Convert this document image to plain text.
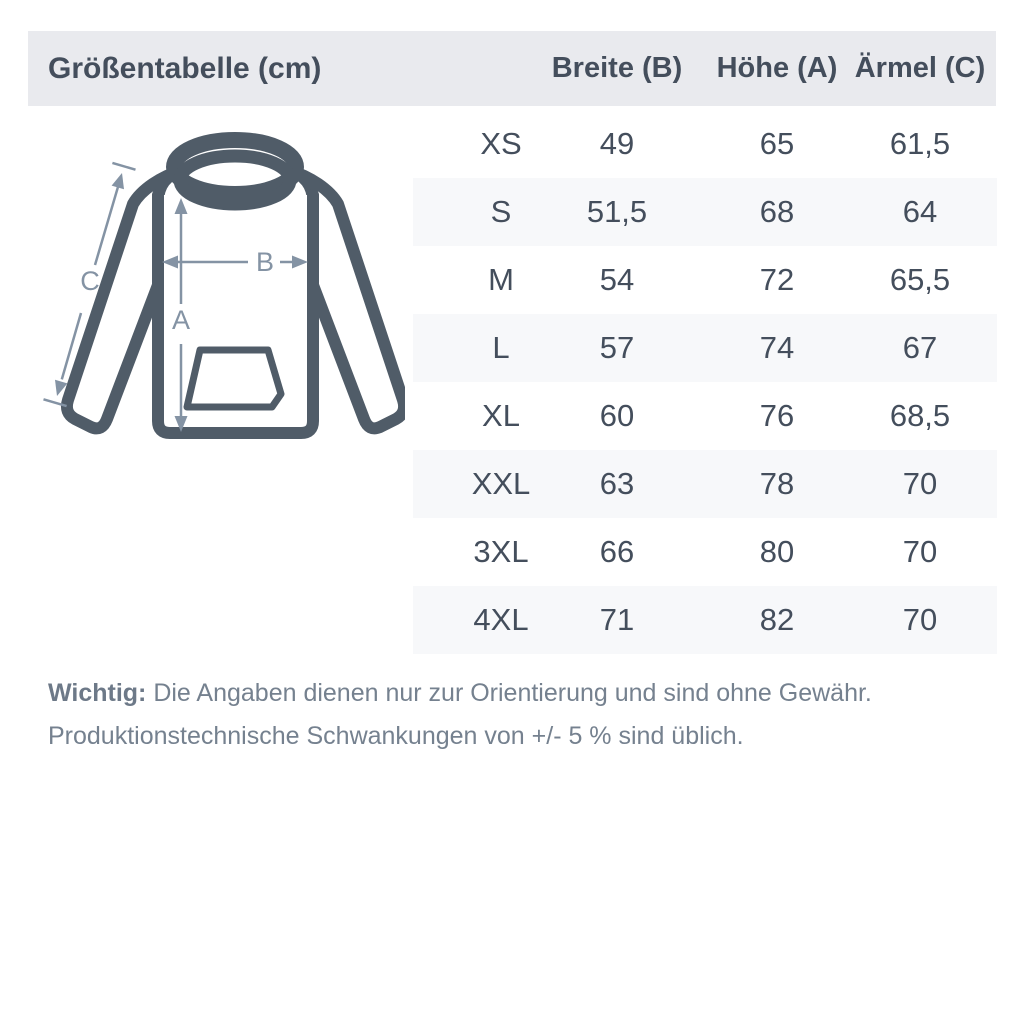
Größentabelle (cm)	Breite (B) Höhe (A) Ärmel (C)
A
B
C
XS	49	65	61,5
S 51,5	68	64
M	54	72	65,5
L	57	74	67
XL	60	76	68,5
XXL 63	78	70
3XL 66	80	70
4XL 71	82	70
Wichtig: Die Angaben dienen nur zur Orientierung und sind ohne Gewähr.
Produktionstechnische Schwankungen von +/- 5 % sind üblich.
